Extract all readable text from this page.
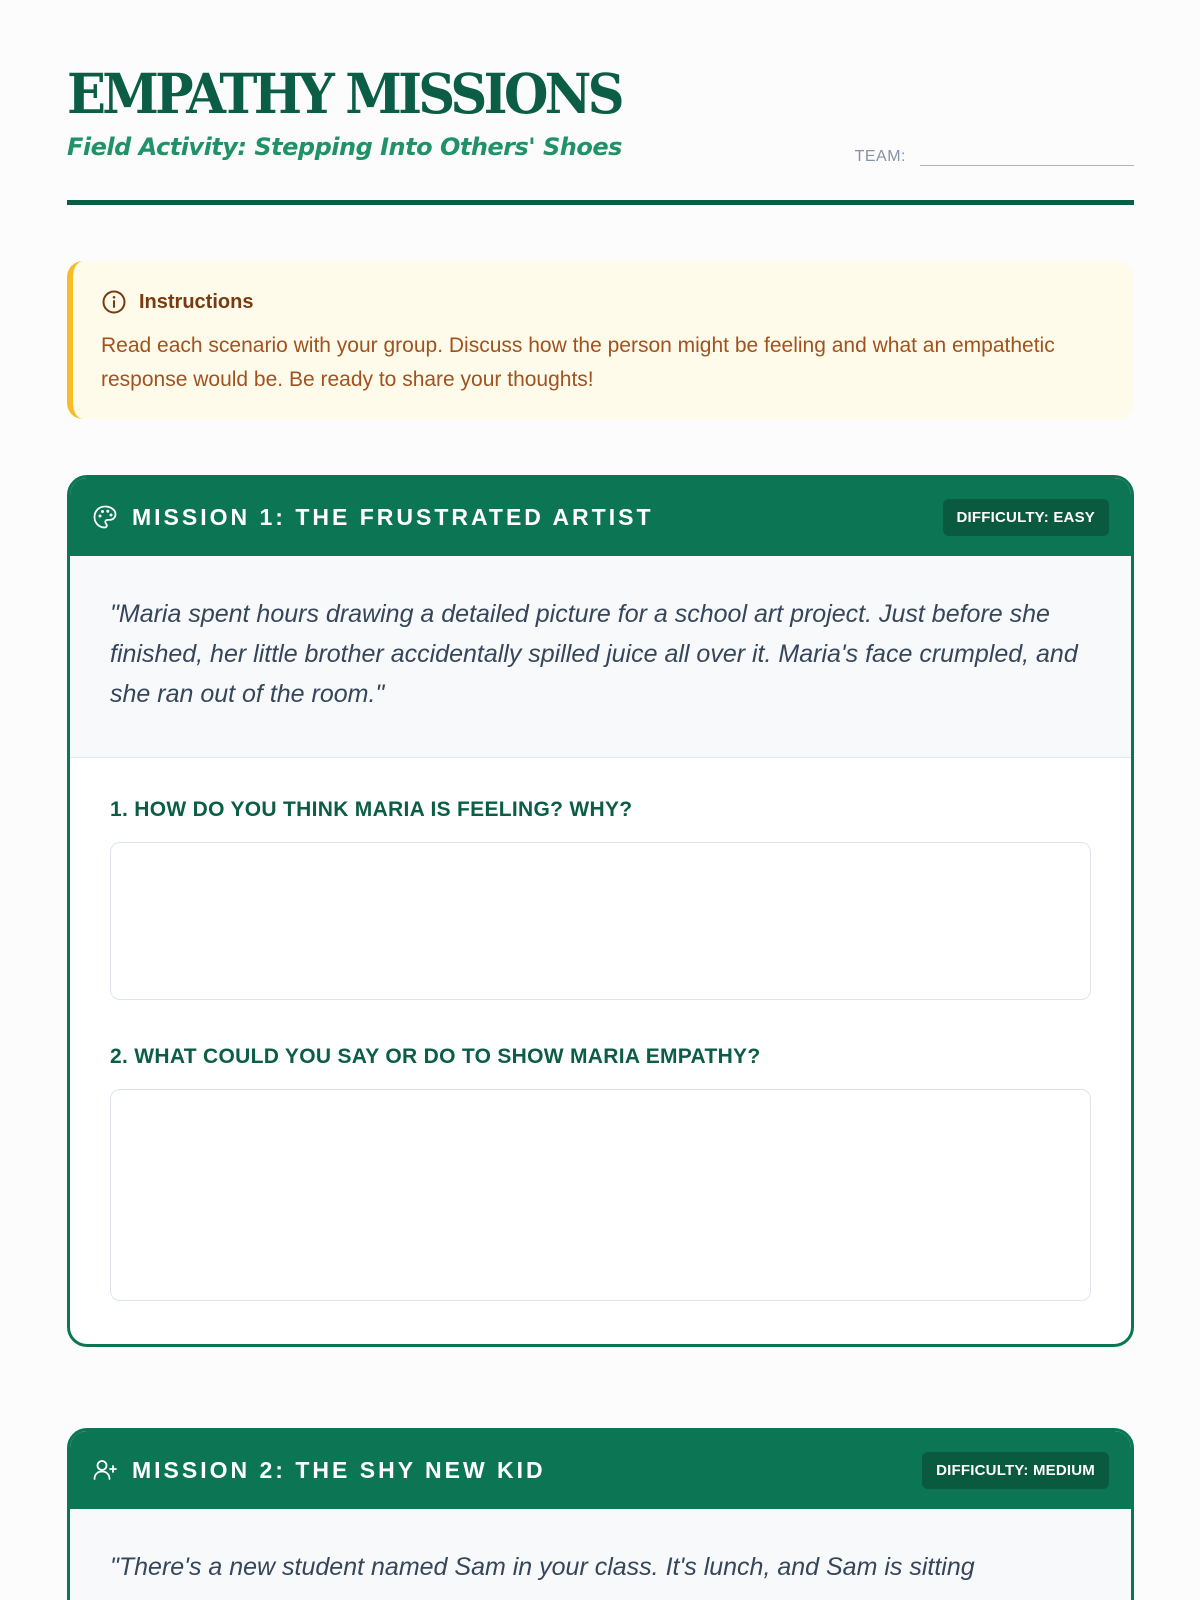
EMPATHY MISSIONS
Field Activity: Stepping Into Others' Shoes	TEAM:
Instructions
Read each scenario with your group. Discuss how the person might be feeling and what an empathetic response would be. Be ready to share your thoughts!
MISSION 1: THE FRUSTRATED ARTIST	DIFFICULTY: EASY
"Maria spent hours drawing a detailed picture for a school art project. Just before she finished, her little brother accidentally spilled juice all over it. Maria's face crumpled, and she ran out of the room."
1. HOW DO YOU THINK MARIA IS FEELING? WHY?
2. WHAT COULD YOU SAY OR DO TO SHOW MARIA EMPATHY?
MISSION 2: THE SHY NEW KID	DIFFICULTY: MEDIUM
"There's a new student named Sam in your class. It's lunch, and Sam is sitting
